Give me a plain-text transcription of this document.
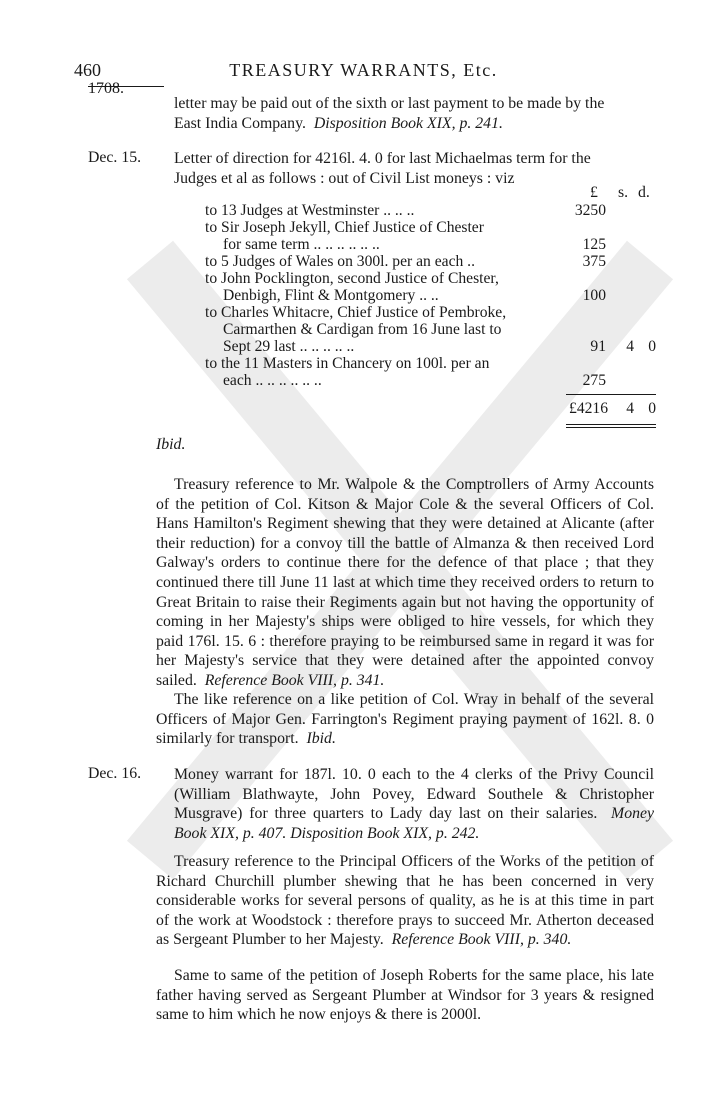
460	TREASURY WARRANTS, Etc.
1708.

letter may be paid out of the sixth or last payment to be made by the

East India Company. Disposition Book XIX, p. 241.

Dec. 15. Letter of direction for 4216l. 4. 0 for last Michaelmas term for the

Judges et al as follows : out of Civil List moneys : viz

£ s. d.
to 13 Judges at Westminster .. .. ..	3250
to Sir Joseph Jekyll, Chief Justice of Chester
for same term .. .. .. .. .. ..	125
to 5 Judges of Wales on 300l. per an each ..	375
to John Pocklington, second Justice of Chester,
Denbigh, Flint & Montgomery .. ..	100
to Charles Whitacre, Chief Justice of Pembroke,
Carmarthen & Cardigan from 16 June last to
Sept 29 last .. .. .. .. ..	91	4 0
to the 11 Masters in Chancery on 100l. per an
each .. .. .. .. .. ..	275
£4216	4 0
Ibid.

Treasury reference to Mr. Walpole & the Comptrollers of Army Accounts of the petition of Col. Kitson & Major Cole & the several Officers of Col. Hans Hamilton's Regiment shewing that they were detained at Alicante (after their reduction) for a convoy till the battle of Almanza & then received Lord Galway's orders to continue there for the defence of that place ; that they continued there till June 11 last at which time they received orders to return to Great Britain to raise their Regiments again but not having the opportunity of coming in her Majesty's ships were obliged to hire vessels, for which they paid 176l. 15. 6 : therefore praying to be reimbursed same in regard it was for her Majesty's service that they were detained after the appointed convoy sailed. Reference Book VIII, p. 341.

The like reference on a like petition of Col. Wray in behalf of the several Officers of Major Gen. Farrington's Regiment praying payment of 162l. 8. 0 similarly for transport. Ibid.

Dec. 16. Money warrant for 187l. 10. 0 each to the 4 clerks of the Privy Council (William Blathwayte, John Povey, Edward Southele & Christopher Musgrave) for three quarters to Lady day last on their salaries. Money Book XIX, p. 407. Disposition Book XIX, p. 242.

Treasury reference to the Principal Officers of the Works of the petition of Richard Churchill plumber shewing that he has been concerned in very considerable works for several persons of quality, as he is at this time in part of the work at Woodstock : therefore prays to succeed Mr. Atherton deceased as Sergeant Plumber to her Majesty. Reference Book VIII, p. 340.

Same to same of the petition of Joseph Roberts for the same place, his late father having served as Sergeant Plumber at Windsor for 3 years & resigned same to him which he now enjoys & there is 2000l.
